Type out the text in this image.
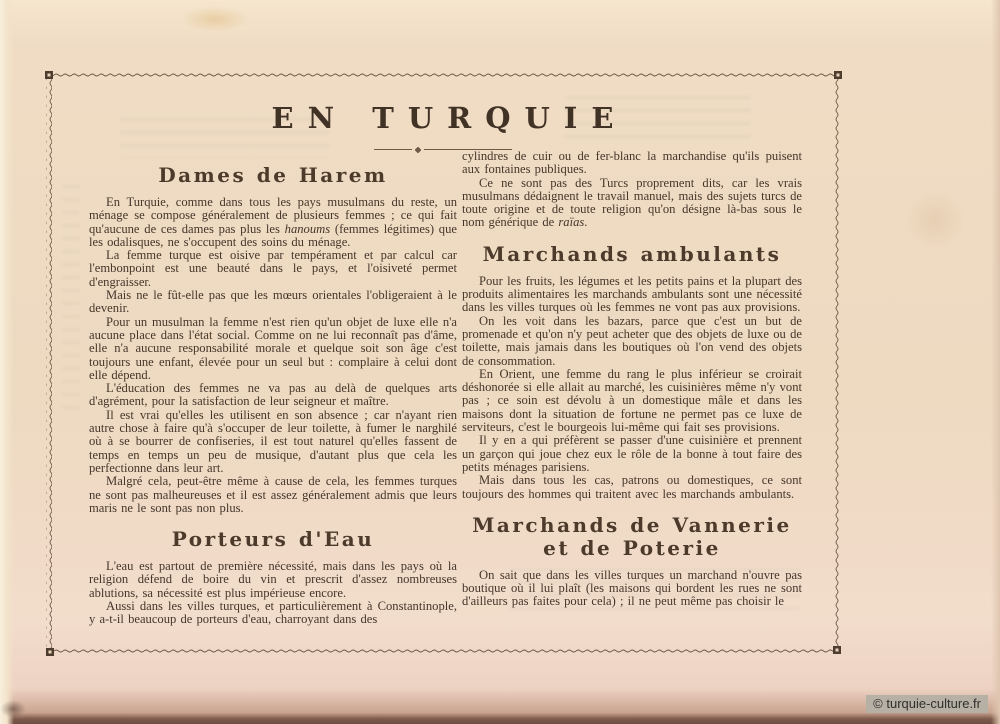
EN TURQUIE
Dames de Harem

En Turquie, comme dans tous les pays musulmans du reste, un ménage se compose généralement de plusieurs femmes ; ce qui fait qu'aucune de ces dames pas plus les hanoums (femmes légitimes) que les odalisques, ne s'occupent des soins du ménage.

La femme turque est oisive par tempérament et par calcul car l'embonpoint est une beauté dans le pays, et l'oisiveté permet d'engraisser.

Mais ne le fût-elle pas que les mœurs orientales l'obligeraient à le devenir.

Pour un musulman la femme n'est rien qu'un objet de luxe elle n'a aucune place dans l'état social. Comme on ne lui reconnaît pas d'âme, elle n'a aucune responsabilité morale et quelque soit son âge c'est toujours une enfant, élevée pour un seul but : complaire à celui dont elle dépend.

L'éducation des femmes ne va pas au delà de quelques arts d'agrément, pour la satisfaction de leur seigneur et maître.

Il est vrai qu'elles les utilisent en son absence ; car n'ayant rien autre chose à faire qu'à s'occuper de leur toilette, à fumer le narghilé où à se bourrer de confiseries, il est tout naturel qu'elles fassent de temps en temps un peu de musique, d'autant plus que cela les perfectionne dans leur art.

Malgré cela, peut-être même à cause de cela, les femmes turques ne sont pas malheureuses et il est assez généralement admis que leurs maris ne le sont pas non plus.

Porteurs d'Eau

L'eau est partout de première nécessité, mais dans les pays où la religion défend de boire du vin et prescrit d'assez nombreuses ablutions, sa nécessité est plus impérieuse encore.

Aussi dans les villes turques, et particulièrement à Constantinople, y a-t-il beaucoup de porteurs d'eau, charroyant dans des

cylindres de cuir ou de fer-blanc la marchandise qu'ils puisent aux fontaines publiques.

Ce ne sont pas des Turcs proprement dits, car les vrais musulmans dédaignent le travail manuel, mais des sujets turcs de toute origine et de toute religion qu'on désigne là-bas sous le nom générique de raïas.

Marchands ambulants

Pour les fruits, les légumes et les petits pains et la plupart des produits alimentaires les marchands ambulants sont une nécessité dans les villes turques où les femmes ne vont pas aux provisions.

On les voit dans les bazars, parce que c'est un but de promenade et qu'on n'y peut acheter que des objets de luxe ou de toilette, mais jamais dans les boutiques où l'on vend des objets de consommation.

En Orient, une femme du rang le plus inférieur se croirait déshonorée si elle allait au marché, les cuisinières même n'y vont pas ; ce soin est dévolu à un domestique mâle et dans les maisons dont la situation de fortune ne permet pas ce luxe de serviteurs, c'est le bourgeois lui-même qui fait ses provisions.

Il y en a qui préfèrent se passer d'une cuisinière et prennent un garçon qui joue chez eux le rôle de la bonne à tout faire des petits ménages parisiens.

Mais dans tous les cas, patrons ou domestiques, ce sont toujours des hommes qui traitent avec les marchands ambulants.

Marchands de Vannerie
et de Poterie

On sait que dans les villes turques un marchand n'ouvre pas boutique où il lui plaît (les maisons qui bordent les rues ne sont d'ailleurs pas faites pour cela) ; il ne peut même pas choisir le

© turquie-culture.fr
